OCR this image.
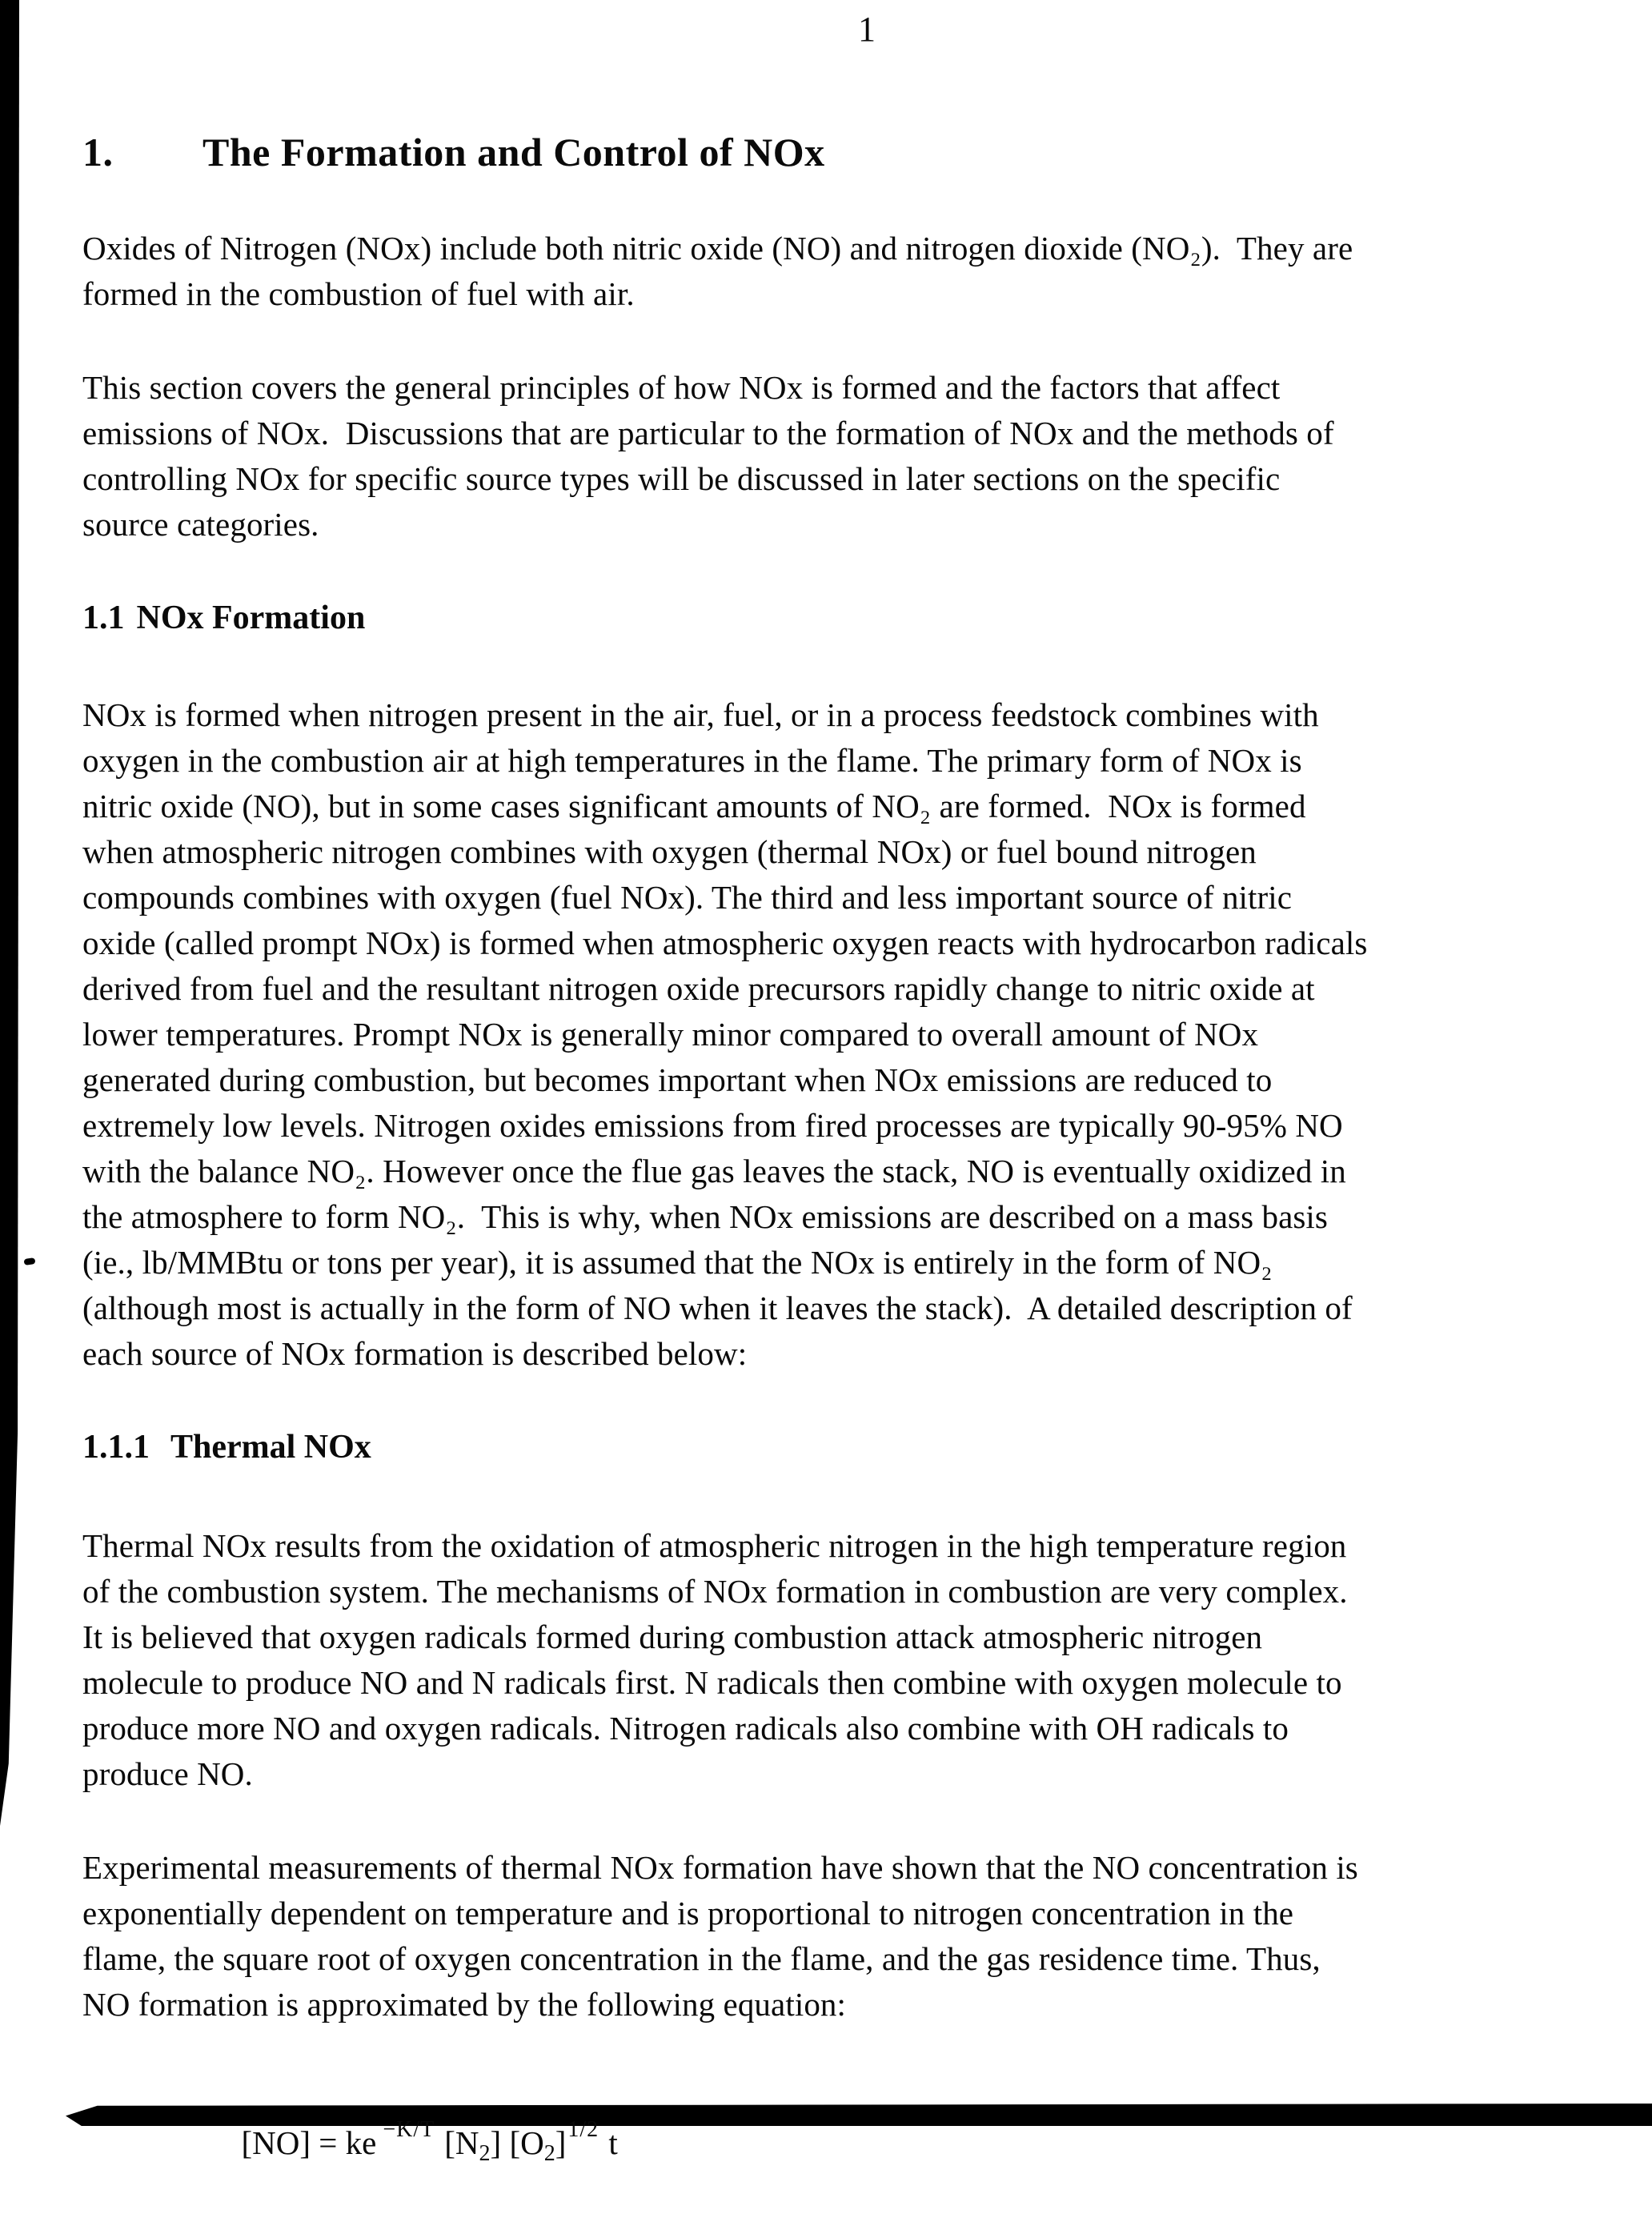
1
1.	The Formation and Control of NOx
Oxides of Nitrogen (NOx) include both nitric oxide (NO) and nitrogen dioxide (NO₂).  They are
formed in the combustion of fuel with air.
This section covers the general principles of how NOx is formed and the factors that affect
emissions of NOx.  Discussions that are particular to the formation of NOx and the methods of
controlling NOx for specific source types will be discussed in later sections on the specific
source categories.
1.1 NOx Formation
NOx is formed when nitrogen present in the air, fuel, or in a process feedstock combines with
oxygen in the combustion air at high temperatures in the flame. The primary form of NOx is
nitric oxide (NO), but in some cases significant amounts of NO₂ are formed.  NOx is formed
when atmospheric nitrogen combines with oxygen (thermal NOx) or fuel bound nitrogen
compounds combines with oxygen (fuel NOx). The third and less important source of nitric
oxide (called prompt NOx) is formed when atmospheric oxygen reacts with hydrocarbon radicals
derived from fuel and the resultant nitrogen oxide precursors rapidly change to nitric oxide at
lower temperatures. Prompt NOx is generally minor compared to overall amount of NOx
generated during combustion, but becomes important when NOx emissions are reduced to
extremely low levels. Nitrogen oxides emissions from fired processes are typically 90-95% NO
with the balance NO₂. However once the flue gas leaves the stack, NO is eventually oxidized in
the atmosphere to form NO₂.  This is why, when NOx emissions are described on a mass basis
(ie., lb/MMBtu or tons per year), it is assumed that the NOx is entirely in the form of NO₂
(although most is actually in the form of NO when it leaves the stack).  A detailed description of
each source of NOx formation is described below:
1.1.1 Thermal NOx
Thermal NOx results from the oxidation of atmospheric nitrogen in the high temperature region
of the combustion system. The mechanisms of NOx formation in combustion are very complex.
It is believed that oxygen radicals formed during combustion attack atmospheric nitrogen
molecule to produce NO and N radicals first. N radicals then combine with oxygen molecule to
produce more NO and oxygen radicals. Nitrogen radicals also combine with OH radicals to
produce NO.
Experimental measurements of thermal NOx formation have shown that the NO concentration is
exponentially dependent on temperature and is proportional to nitrogen concentration in the
flame, the square root of oxygen concentration in the flame, and the gas residence time. Thus,
NO formation is approximated by the following equation:

[NO] = ke $^{-K/T}$ $[N_2]$ $[O_2]^{1/2}$ t
